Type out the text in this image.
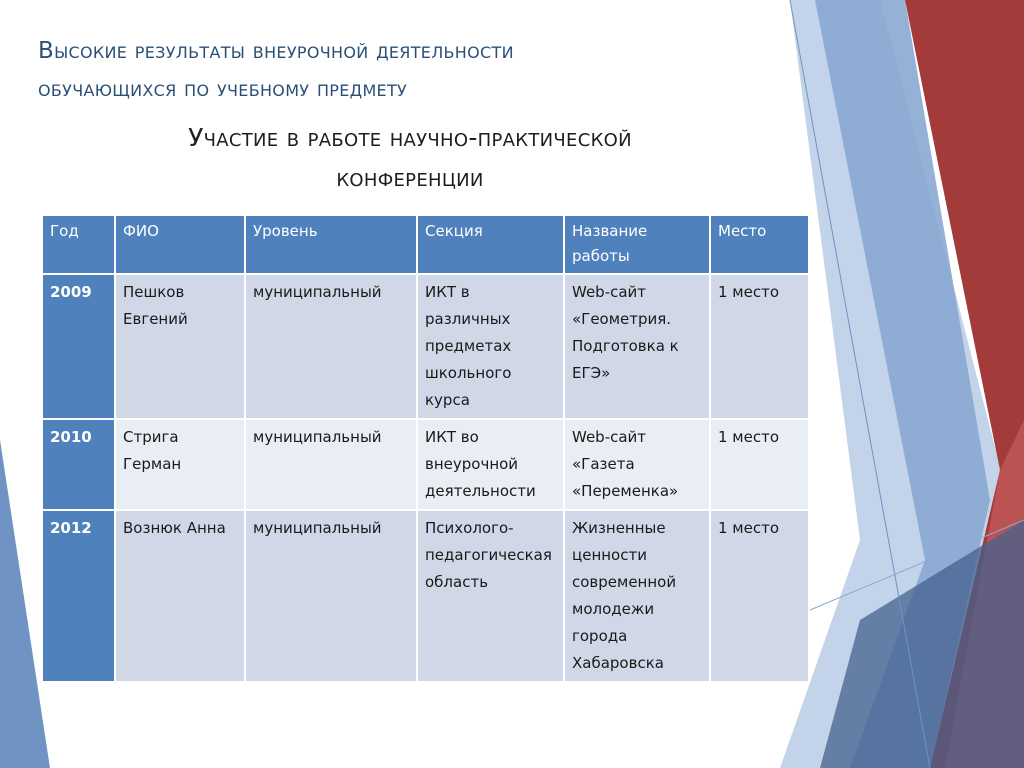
Высокие результаты внеурочной деятельности
обучающихся по учебному предмету
Участие в работе научно-практической
конференции
Год	ФИО	Уровень	Секция	Название работы	Место
2009	Пешков Евгений	муниципальный	ИКТ в различных предметах школьного курса	Web-сайт «Геометрия. Подготовка к ЕГЭ»	1 место
2010	Стрига Герман	муниципальный	ИКТ во внеурочной деятельности	Web-сайт «Газета «Переменка»	1 место
2012	Вознюк Анна	муниципальный	Психолого-педагогическая область	Жизненные ценности современной молодежи города Хабаровска	1 место
